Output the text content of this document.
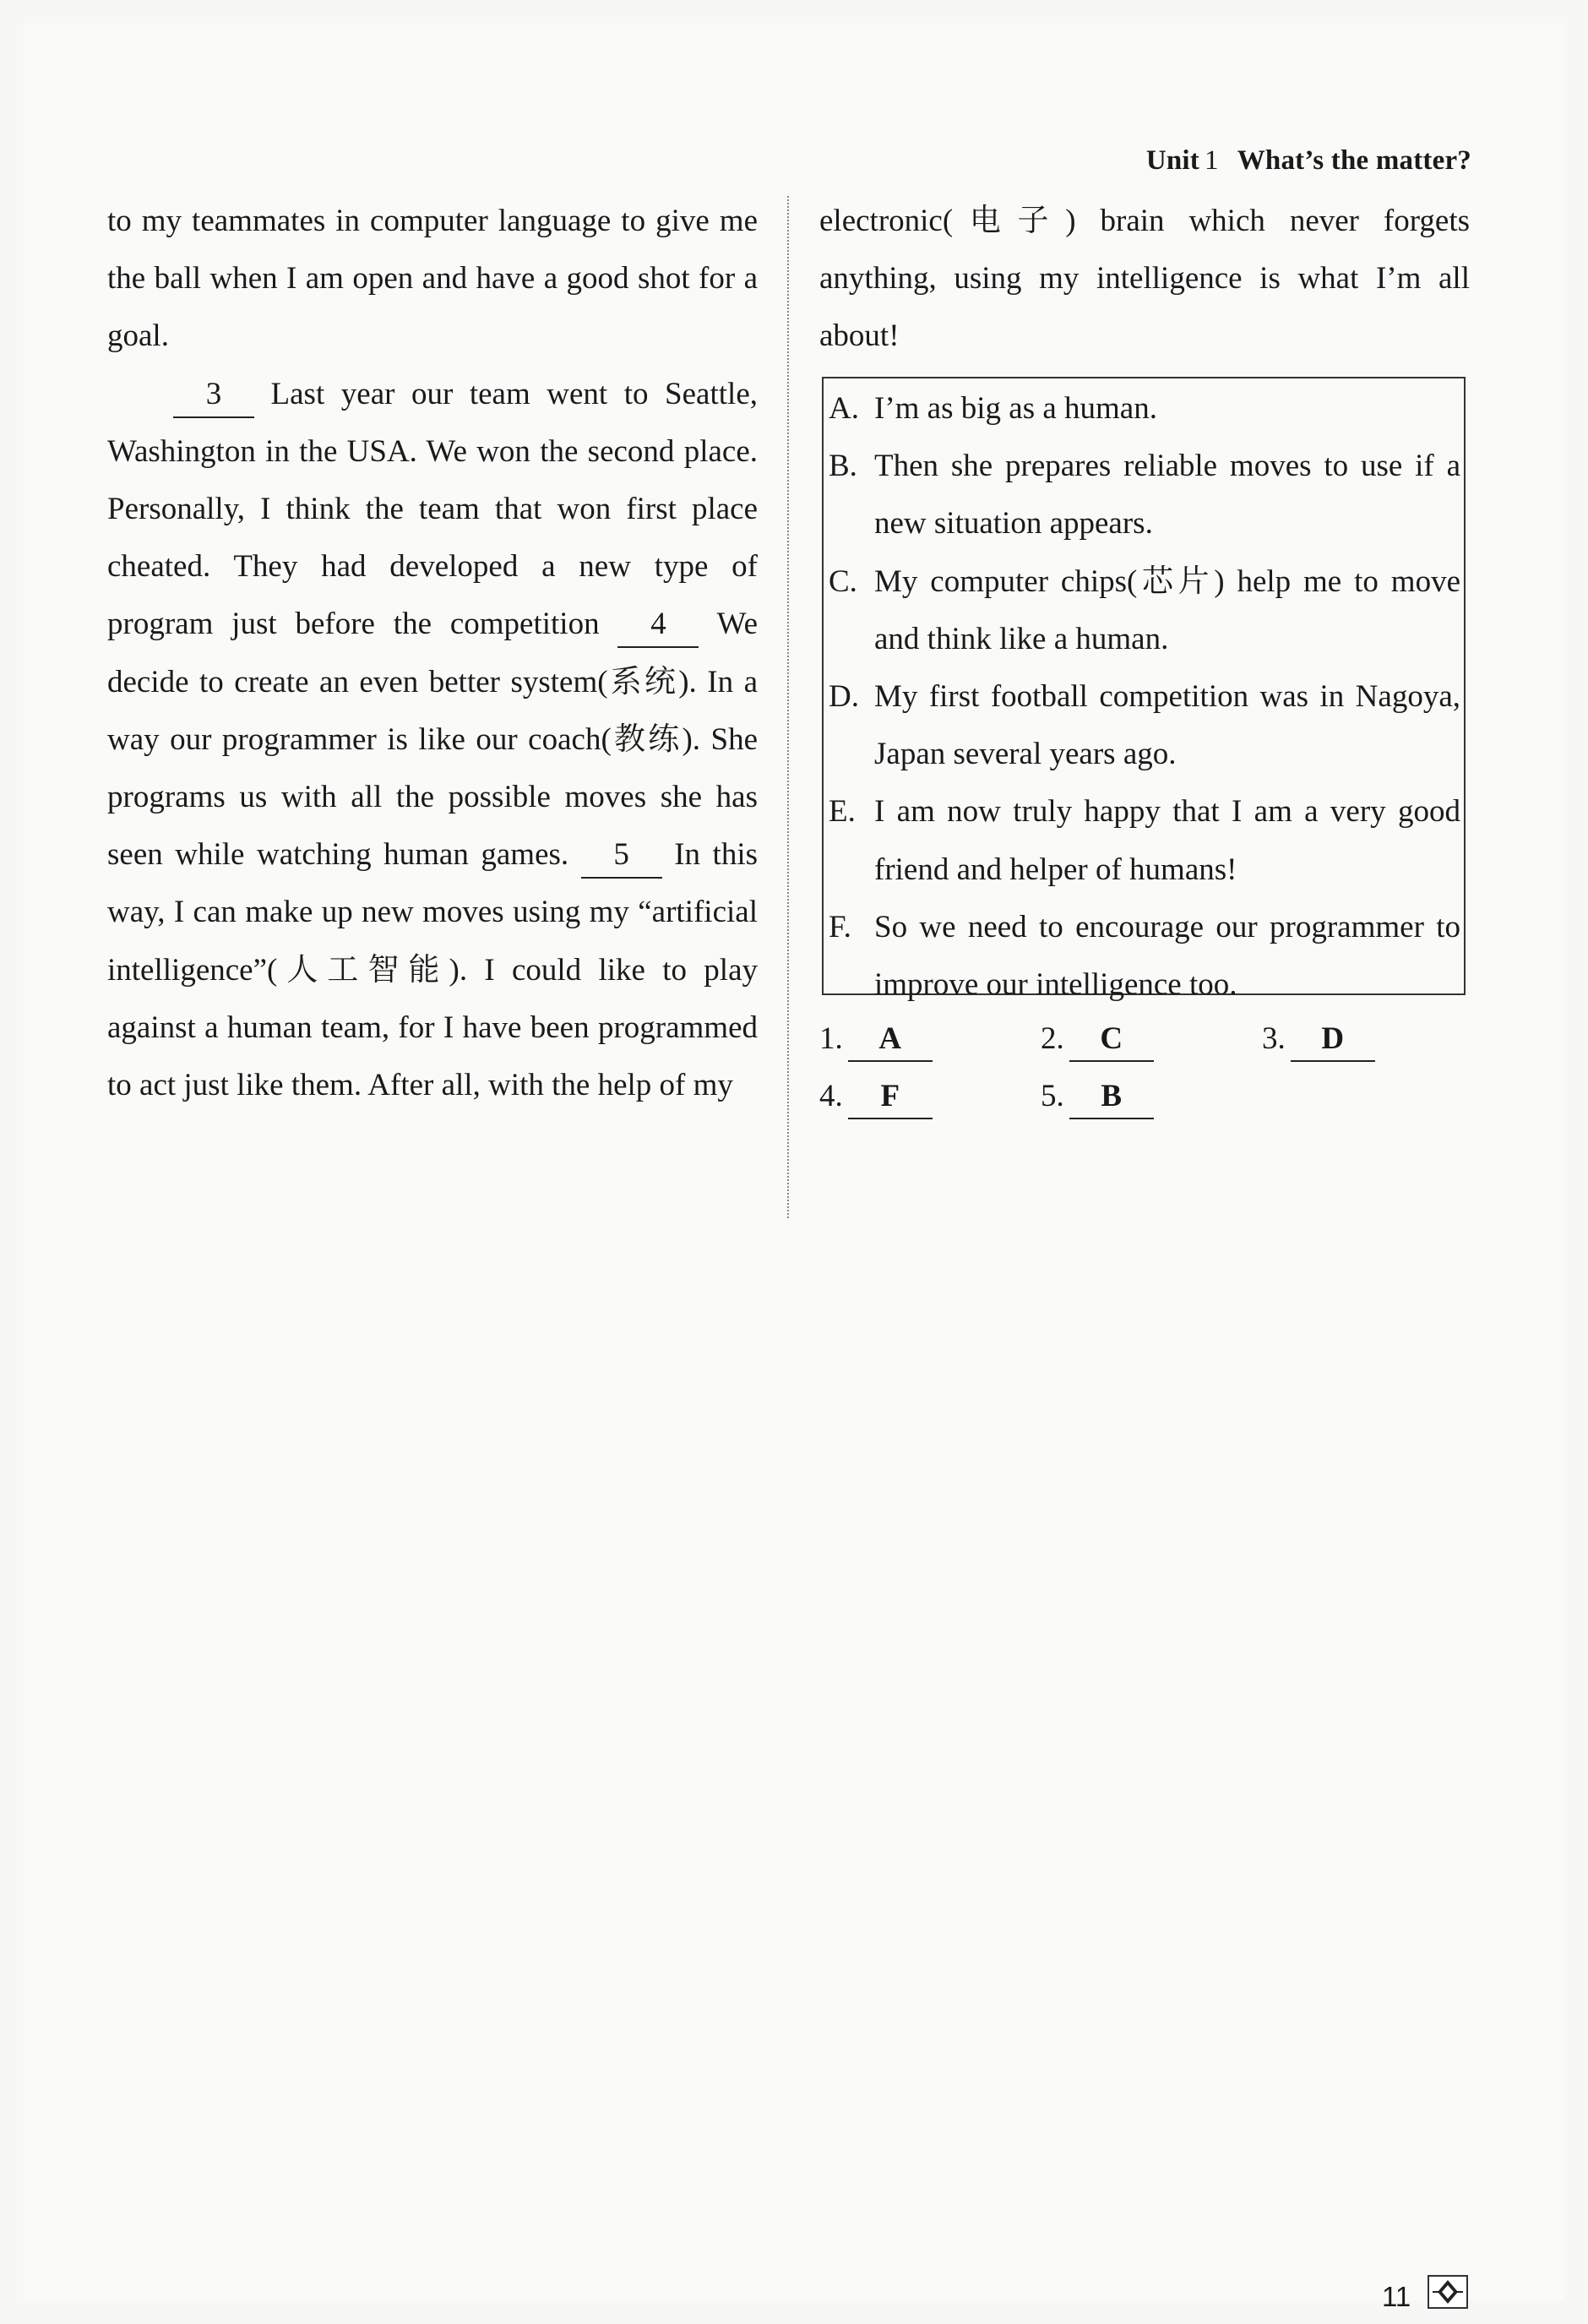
Unit 1 What’s the matter?

to my teammates in computer language to give me the ball when I am open and have a good shot for a goal.

3 Last year our team went to Seattle, Washington in the USA. We won the second place. Personally, I think the team that won first place cheated. They had developed a new type of program just before the competition 4 We decide to create an even better system(系统). In a way our programmer is like our coach(教练). She programs us with all the possible moves she has seen while watching human games. 5 In this way, I can make up new moves using my “artificial intelligence”(人工智能). I could like to play against a human team, for I have been programmed to act just like them. After all, with the help of my

electronic(电子) brain which never forgets anything, using my intelligence is what I’m all about!

A. I’m as big as a human.
B. Then she prepares reliable moves to use if a new situation appears.
C. My computer chips(芯片) help me to move and think like a human.
D. My first football competition was in Nagoya, Japan several years ago.
E. I am now truly happy that I am a very good friend and helper of humans!
F. So we need to encourage our programmer to improve our intelligence too.
1. A	2. C	3. D
4. F	5. B
11
